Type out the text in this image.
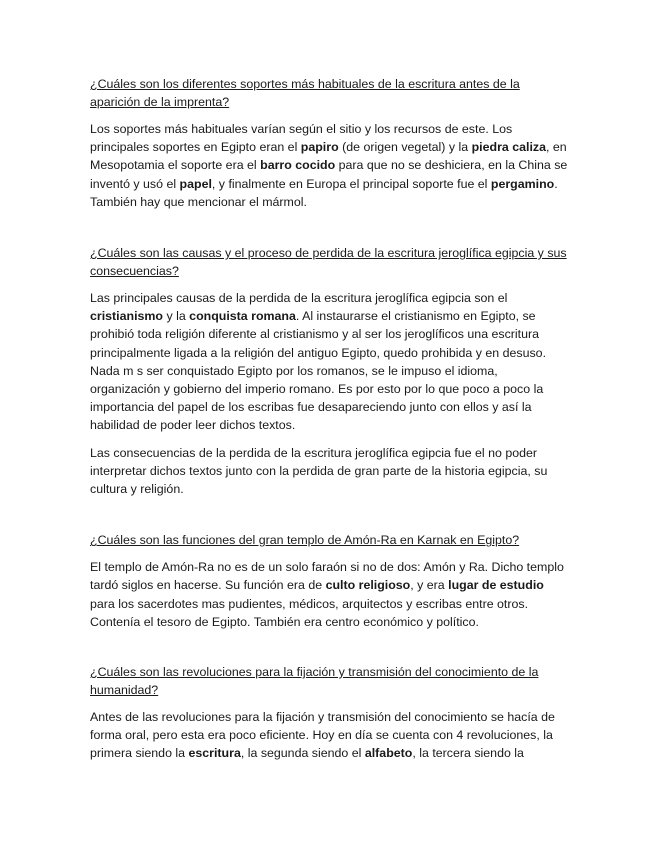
¿Cuáles son los diferentes soportes más habituales de la escritura antes de la aparición de la imprenta?

Los soportes más habituales varían según el sitio y los recursos de este. Los principales soportes en Egipto eran el papiro (de origen vegetal) y la piedra caliza, en Mesopotamia el soporte era el barro cocido para que no se deshiciera, en la China se inventó y usó el papel, y finalmente en Europa el principal soporte fue el pergamino. También hay que mencionar el mármol.

¿Cuáles son las causas y el proceso de perdida de la escritura jeroglífica egipcia y sus consecuencias?

Las principales causas de la perdida de la escritura jeroglífica egipcia son el cristianismo y la conquista romana. Al instaurarse el cristianismo en Egipto, se prohibió toda religión diferente al cristianismo y al ser los jeroglíficos una escritura principalmente ligada a la religión del antiguo Egipto, quedo prohibida y en desuso. Nada m s ser conquistado Egipto por los romanos, se le impuso el idioma, organización y gobierno del imperio romano. Es por esto por lo que poco a poco la importancia del papel de los escribas fue desapareciendo junto con ellos y así la habilidad de poder leer dichos textos.

Las consecuencias de la perdida de la escritura jeroglífica egipcia fue el no poder interpretar dichos textos junto con la perdida de gran parte de la historia egipcia, su cultura y religión.

¿Cuáles son las funciones del gran templo de Amón-Ra en Karnak en Egipto?

El templo de Amón-Ra no es de un solo faraón si no de dos: Amón y Ra. Dicho templo tardó siglos en hacerse. Su función era de culto religioso, y era lugar de estudio para los sacerdotes mas pudientes, médicos, arquitectos y escribas entre otros. Contenía el tesoro de Egipto. También era centro económico y político.

¿Cuáles son las revoluciones para la fijación y transmisión del conocimiento de la humanidad?

Antes de las revoluciones para la fijación y transmisión del conocimiento se hacía de forma oral, pero esta era poco eficiente. Hoy en día se cuenta con 4 revoluciones, la primera siendo la escritura, la segunda siendo el alfabeto, la tercera siendo la
